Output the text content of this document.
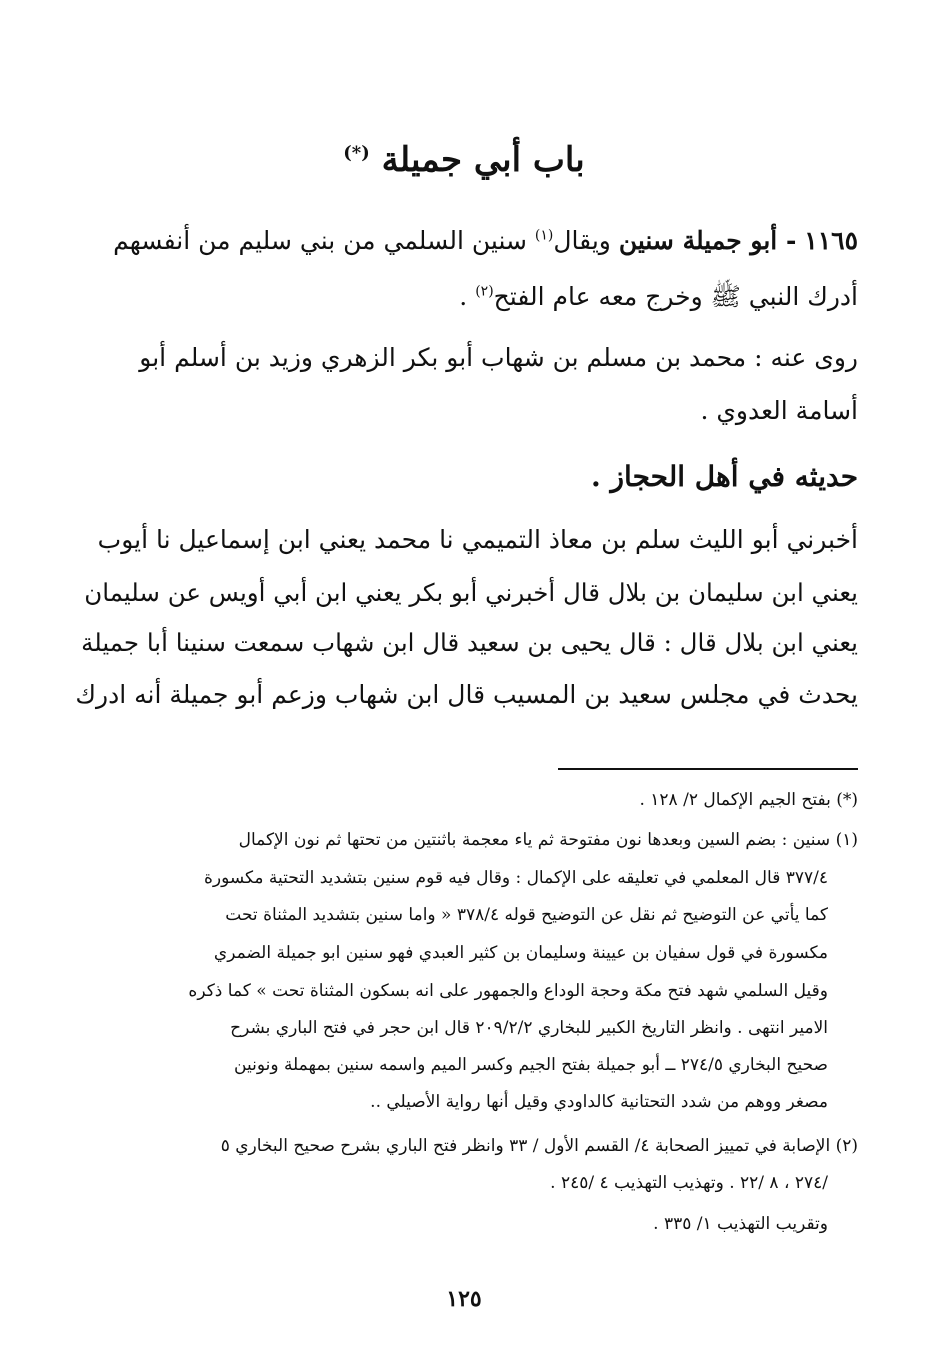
باب أبي جميلة (*)
١١٦٥ - أبو جميلة سنين ويقال$^{(١)}$ سنين السلمي من بني سليم من أنفسهم
أدرك النبي ﷺ وخرج معه عام الفتح$^{(٢)}$ .
روى عنه : محمد بن مسلم بن شهاب أبو بكر الزهري وزيد بن أسلم أبو
أسامة العدوي .
حديثه في أهل الحجاز .
أخبرني أبو الليث سلم بن معاذ التميمي نا محمد يعني ابن إسماعيل نا أيوب
يعني ابن سليمان بن بلال قال أخبرني أبو بكر يعني ابن أبي أويس عن سليمان
يعني ابن بلال قال : قال يحيى بن سعيد قال ابن شهاب سمعت سنينا أبا جميلة
يحدث في مجلس سعيد بن المسيب قال ابن شهاب وزعم أبو جميلة أنه ادرك
(*) بفتح الجيم الإكمال ٢/ ١٢٨ .
(١) سنين : بضم السين وبعدها نون مفتوحة ثم ياء معجمة باثنتين من تحتها ثم نون الإكمال
٣٧٧/٤ قال المعلمي في تعليقه على الإكمال : وقال فيه قوم سنين بتشديد التحتية مكسورة
كما يأتي عن التوضيح ثم نقل عن التوضيح قوله ٣٧٨/٤ « واما سنين بتشديد المثناة تحت
مكسورة في قول سفيان بن عيينة وسليمان بن كثير العبدي فهو سنين ابو جميلة الضمري
وقيل السلمي شهد فتح مكة وحجة الوداع والجمهور على انه بسكون المثناة تحت » كما ذكره
الامير انتهى . وانظر التاريخ الكبير للبخاري ٢٠٩/٢/٢ قال ابن حجر في فتح الباري بشرح
صحيح البخاري ٢٧٤/٥ ــ أبو جميلة بفتح الجيم وكسر الميم واسمه سنين بمهملة ونونين
مصغر ووهم من شدد التحتانية كالداودي وقيل أنها رواية الأصيلي ..
(٢) الإصابة في تمييز الصحابة ٤/ القسم الأول / ٣٣ وانظر فتح الباري بشرح صحيح البخاري ٥
/٢٧٤ ، ٨ /٢٢ . وتهذيب التهذيب ٤ /٢٤٥ .
وتقريب التهذيب ١/ ٣٣٥ .
١٢٥
